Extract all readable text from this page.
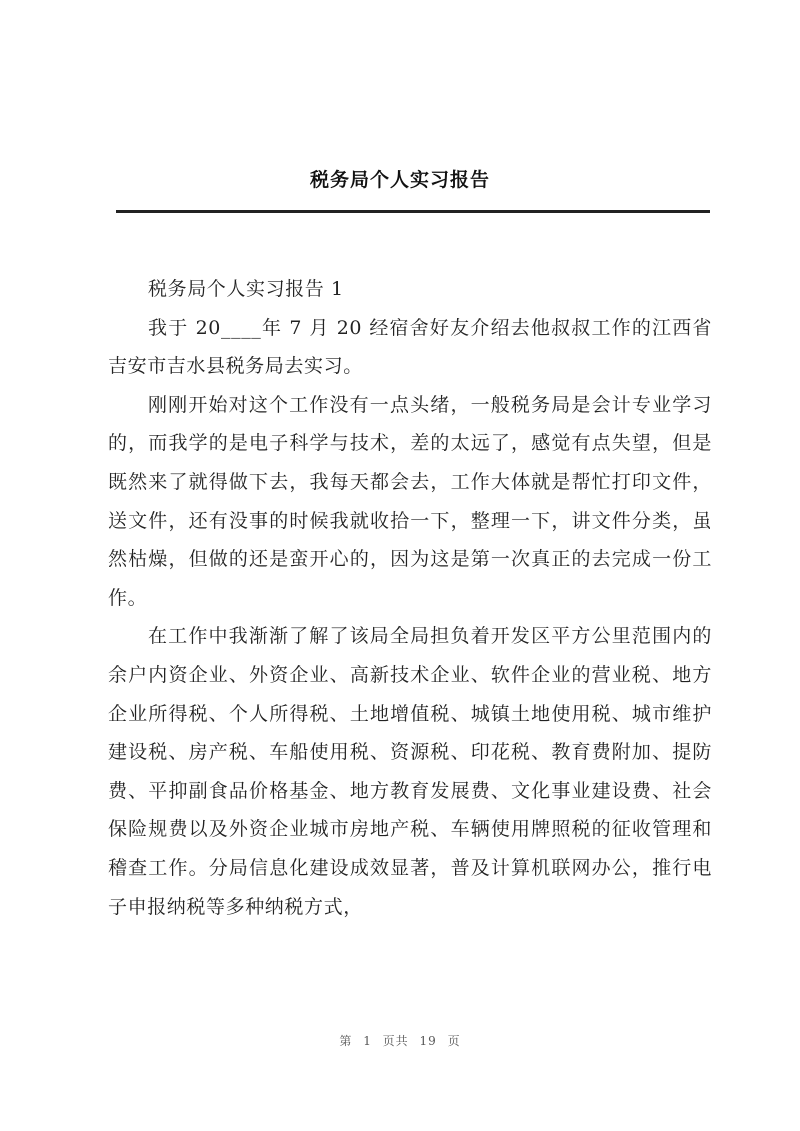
税务局个人实习报告

税务局个人实习报告 1

我于 20____年 7 月 20 经宿舍好友介绍去他叔叔工作的江西省吉安市吉水县税务局去实习。

刚刚开始对这个工作没有一点头绪，一般税务局是会计专业学习的，而我学的是电子科学与技术，差的太远了，感觉有点失望，但是既然来了就得做下去，我每天都会去，工作大体就是帮忙打印文件，送文件，还有没事的时候我就收拾一下，整理一下，讲文件分类，虽然枯燥，但做的还是蛮开心的，因为这是第一次真正的去完成一份工作。

在工作中我渐渐了解了该局全局担负着开发区平方公里范围内的余户内资企业、外资企业、高新技术企业、软件企业的营业税、地方企业所得税、个人所得税、土地增值税、城镇土地使用税、城市维护建设税、房产税、车船使用税、资源税、印花税、教育费附加、提防费、平抑副食品价格基金、地方教育发展费、文化事业建设费、社会保险规费以及外资企业城市房地产税、车辆使用牌照税的征收管理和稽查工作。分局信息化建设成效显著，普及计算机联网办公，推行电子申报纳税等多种纳税方式，

第 1 页共 19 页
